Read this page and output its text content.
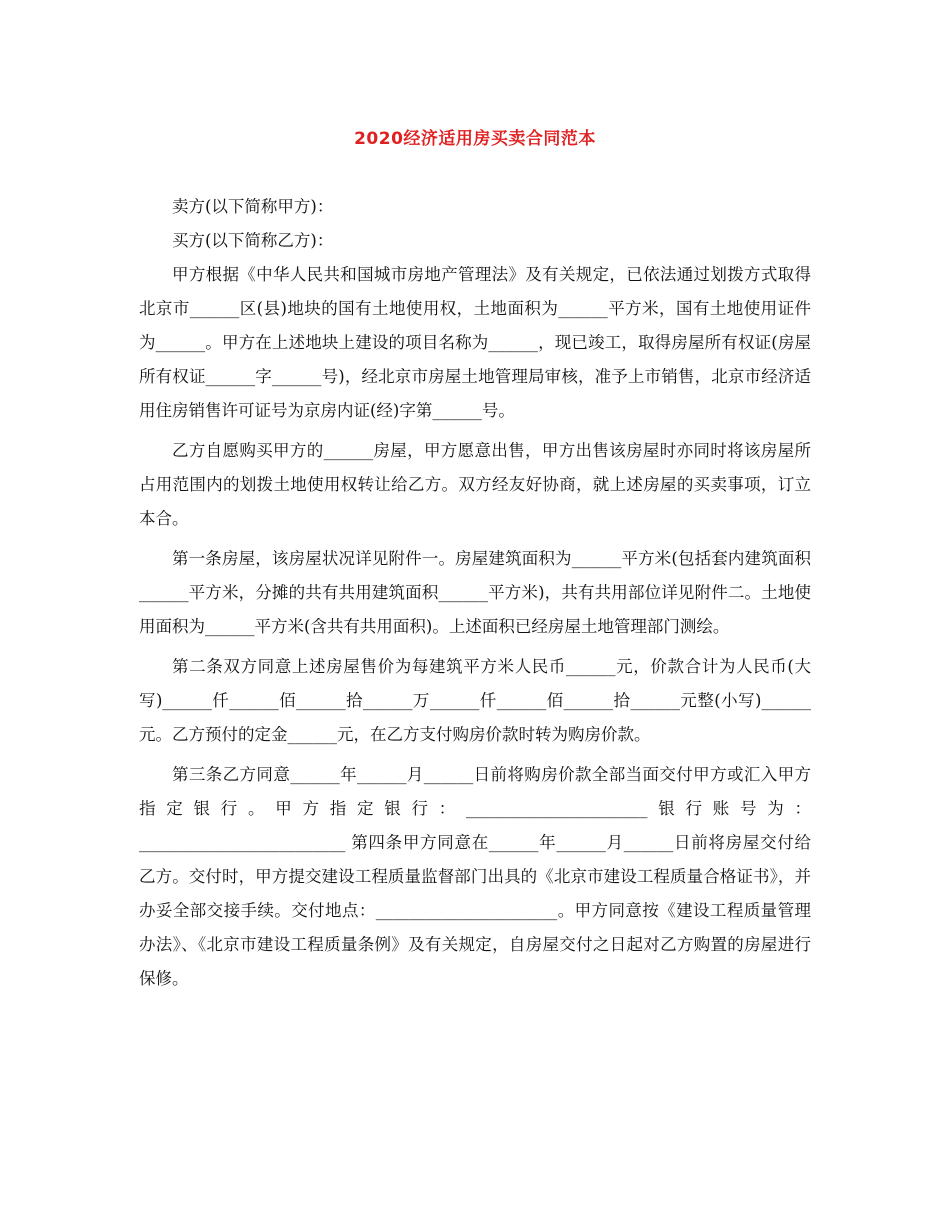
2020经济适用房买卖合同范本

卖方(以下简称甲方)：

买方(以下简称乙方)：

甲方根据《中华人民共和国城市房地产管理法》及有关规定，已依法通过划拨方式取得北京市______区(县)地块的国有土地使用权，土地面积为______平方米，国有土地使用证件为______。甲方在上述地块上建设的项目名称为______，现已竣工，取得房屋所有权证(房屋所有权证______字______号)，经北京市房屋土地管理局审核，准予上市销售，北京市经济适用住房销售许可证号为京房内证(经)字第______号。

乙方自愿购买甲方的______房屋，甲方愿意出售，甲方出售该房屋时亦同时将该房屋所占用范围内的划拨土地使用权转让给乙方。双方经友好协商，就上述房屋的买卖事项，订立本合。

第一条房屋，该房屋状况详见附件一。房屋建筑面积为______平方米(包括套内建筑面积______平方米，分摊的共有共用建筑面积______平方米)，共有共用部位详见附件二。土地使用面积为______平方米(含共有共用面积)。上述面积已经房屋土地管理部门测绘。

第二条双方同意上述房屋售价为每建筑平方米人民币______元，价款合计为人民币(大写)______仟______佰______拾______万______仟______佰______拾______元整(小写)______元。乙方预付的定金______元，在乙方支付购房价款时转为购房价款。

第三条乙方同意______年______月______日前将购房价款全部当面交付甲方或汇入甲方指定银行。甲方指定银行：______________________银行账号为：_________________________ 第四条甲方同意在______年______月______日前将房屋交付给乙方。交付时，甲方提交建设工程质量监督部门出具的《北京市建设工程质量合格证书》，并办妥全部交接手续。交付地点：______________________。甲方同意按《建设工程质量管理办法》、《北京市建设工程质量条例》及有关规定，自房屋交付之日起对乙方购置的房屋进行保修。
